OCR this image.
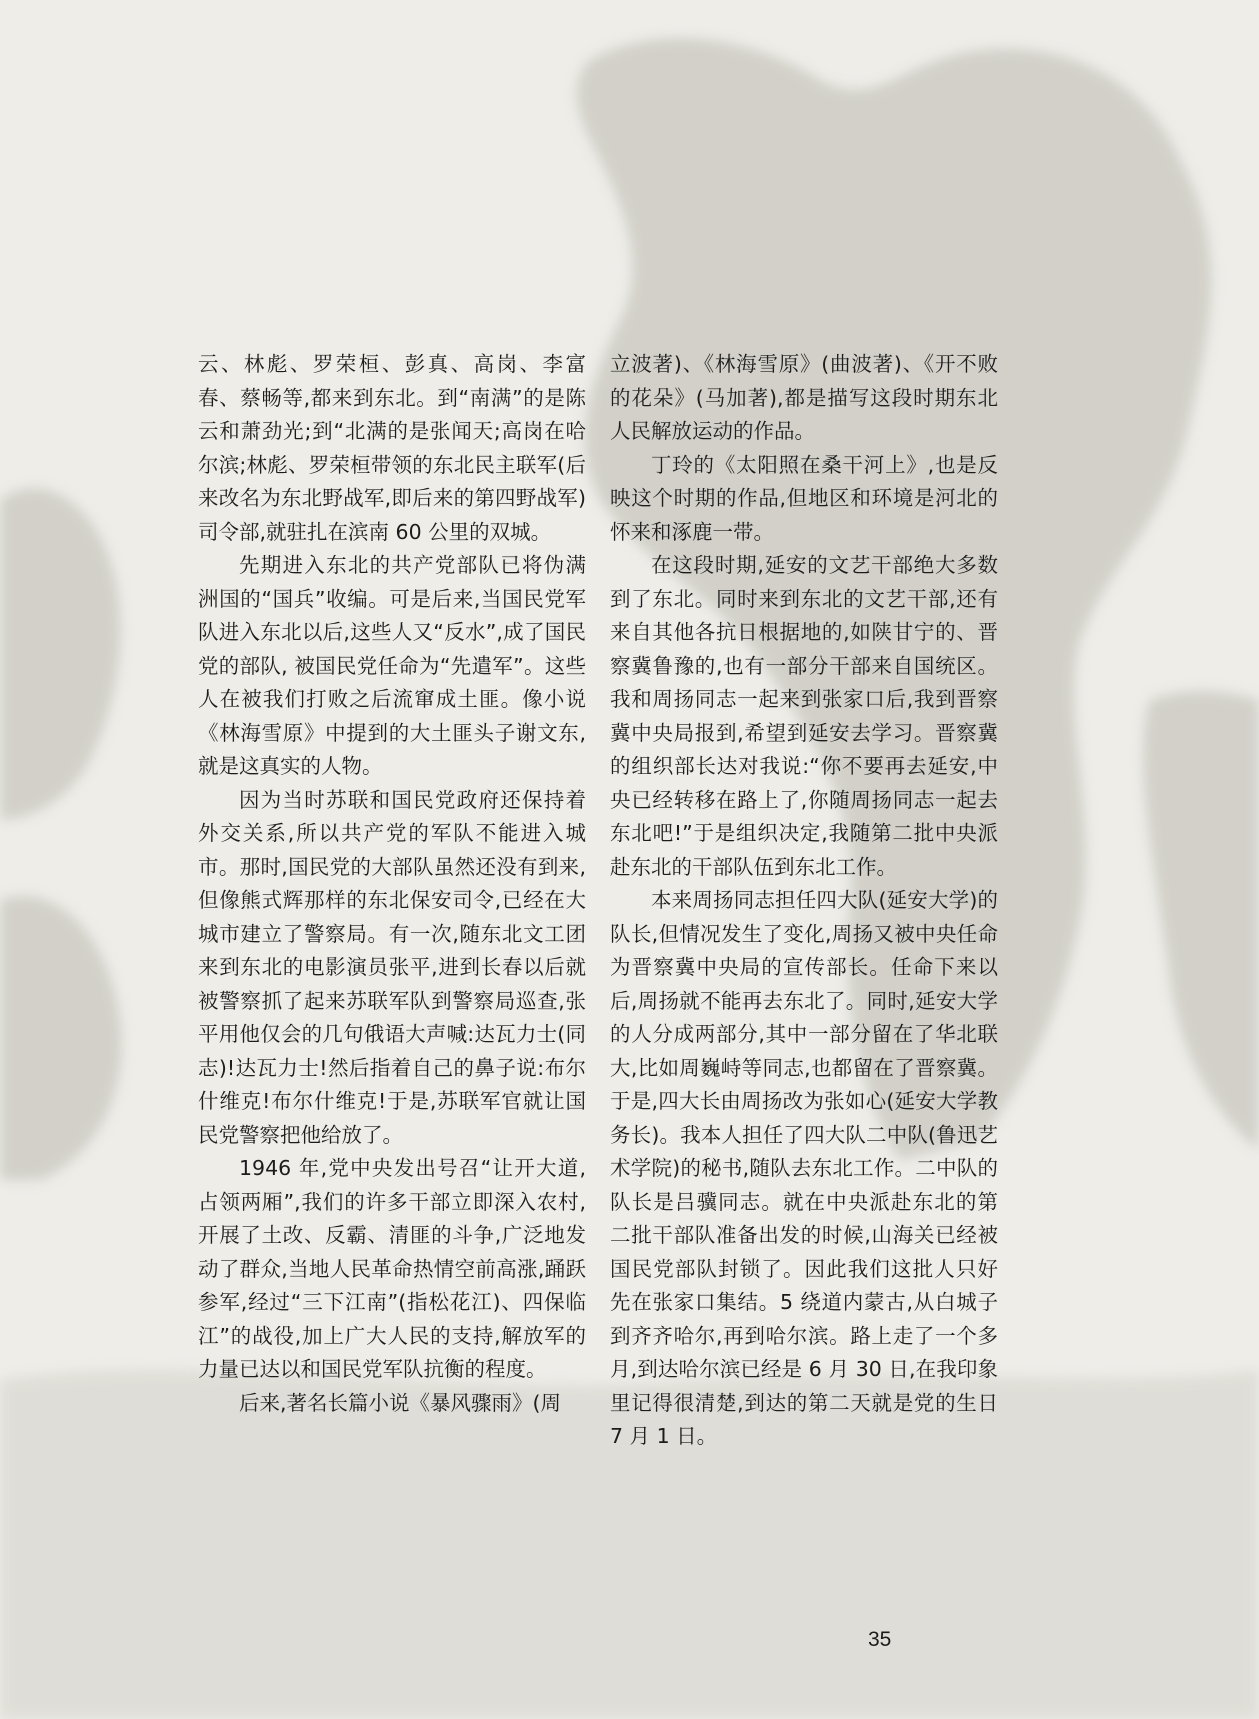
云、林彪、罗荣桓、彭真、高岗、李富春、蔡畅等,都来到东北。到“南满”的是陈云和萧劲光;到“北满的是张闻天;高岗在哈尔滨;林彪、罗荣桓带领的东北民主联军(后来改名为东北野战军,即后来的第四野战军)司令部,就驻扎在滨南 60 公里的双城。

先期进入东北的共产党部队已将伪满洲国的“国兵”收编。可是后来,当国民党军队进入东北以后,这些人又“反水”,成了国民党的部队, 被国民党任命为“先遣军”。这些人在被我们打败之后流窜成土匪。像小说《林海雪原》中提到的大土匪头子谢文东,就是这真实的人物。

因为当时苏联和国民党政府还保持着外交关系,所以共产党的军队不能进入城市。那时,国民党的大部队虽然还没有到来,但像熊式辉那样的东北保安司令,已经在大城市建立了警察局。有一次,随东北文工团来到东北的电影演员张平,进到长春以后就被警察抓了起来苏联军队到警察局巡查,张平用他仅会的几句俄语大声喊:达瓦力士(同志)!达瓦力士!然后指着自己的鼻子说:布尔什维克!布尔什维克!于是,苏联军官就让国民党警察把他给放了。

1946 年,党中央发出号召“让开大道,占领两厢”,我们的许多干部立即深入农村,开展了土改、反霸、清匪的斗争,广泛地发动了群众,当地人民革命热情空前高涨,踊跃参军,经过“三下江南”(指松花江)、四保临江”的战役,加上广大人民的支持,解放军的力量已达以和国民党军队抗衡的程度。

后来,著名长篇小说《暴风骤雨》(周

立波著)、《林海雪原》(曲波著)、《开不败的花朵》(马加著),都是描写这段时期东北人民解放运动的作品。

丁玲的《太阳照在桑干河上》,也是反映这个时期的作品,但地区和环境是河北的怀来和涿鹿一带。

在这段时期,延安的文艺干部绝大多数到了东北。同时来到东北的文艺干部,还有来自其他各抗日根据地的,如陕甘宁的、晋察冀鲁豫的,也有一部分干部来自国统区。我和周扬同志一起来到张家口后,我到晋察冀中央局报到,希望到延安去学习。晋察冀的组织部长达对我说:“你不要再去延安,中央已经转移在路上了,你随周扬同志一起去东北吧!”于是组织决定,我随第二批中央派赴东北的干部队伍到东北工作。

本来周扬同志担任四大队(延安大学)的队长,但情况发生了变化,周扬又被中央任命为晋察冀中央局的宣传部长。任命下来以后,周扬就不能再去东北了。同时,延安大学的人分成两部分,其中一部分留在了华北联大,比如周巍峙等同志,也都留在了晋察冀。于是,四大长由周扬改为张如心(延安大学教务长)。我本人担任了四大队二中队(鲁迅艺术学院)的秘书,随队去东北工作。二中队的队长是吕骥同志。就在中央派赴东北的第二批干部队准备出发的时候,山海关已经被国民党部队封锁了。因此我们这批人只好先在张家口集结。5 绕道内蒙古,从白城子到齐齐哈尔,再到哈尔滨。路上走了一个多月,到达哈尔滨已经是 6 月 30 日,在我印象里记得很清楚,到达的第二天就是党的生日 7 月 1 日。

35
